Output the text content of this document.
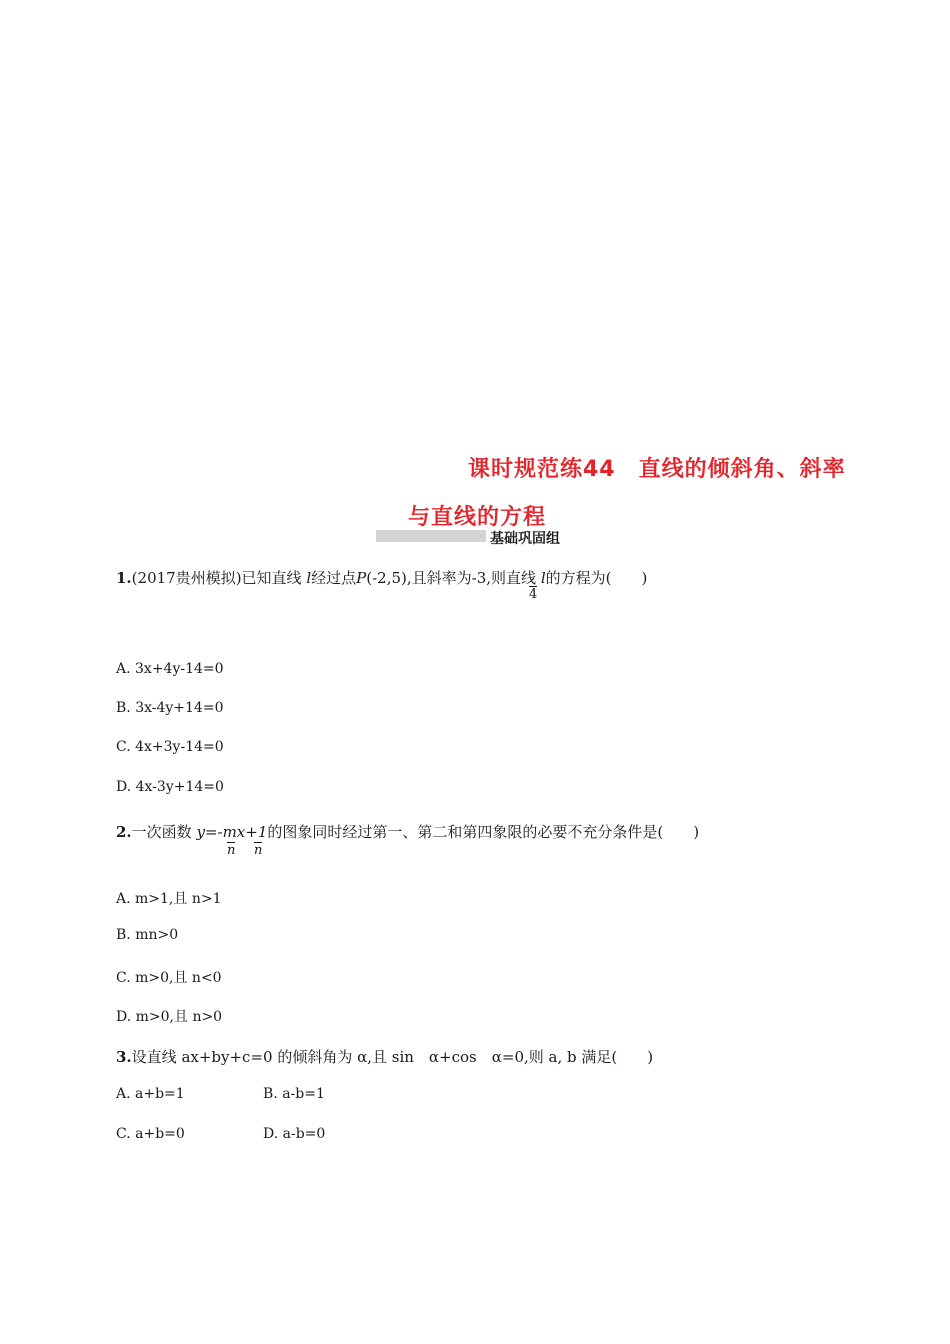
课时规范练44　直线的倾斜角、斜率
与直线的方程
基础巩固组
1.(2017贵州模拟)已知直线 l经过点P(-2,5),且斜率为-3,则直线 l的方程为(　　)
4
A. 3x+4y-14=0
B. 3x-4y+14=0
C. 4x+3y-14=0
D. 4x-3y+14=0
2.一次函数 y=-mx+1的图象同时经过第一、第二和第四象限的必要不充分条件是(　　)
n n
A. m>1,且 n>1
B. mn>0
C. m>0,且 n<0
D. m>0,且 n>0
3.设直线 ax+by+c=0 的倾斜角为 α,且 sin　α+cos　α=0,则 a, b 满足(　　)
A. a+b=1	B. a-b=1
C. a+b=0	D. a-b=0
